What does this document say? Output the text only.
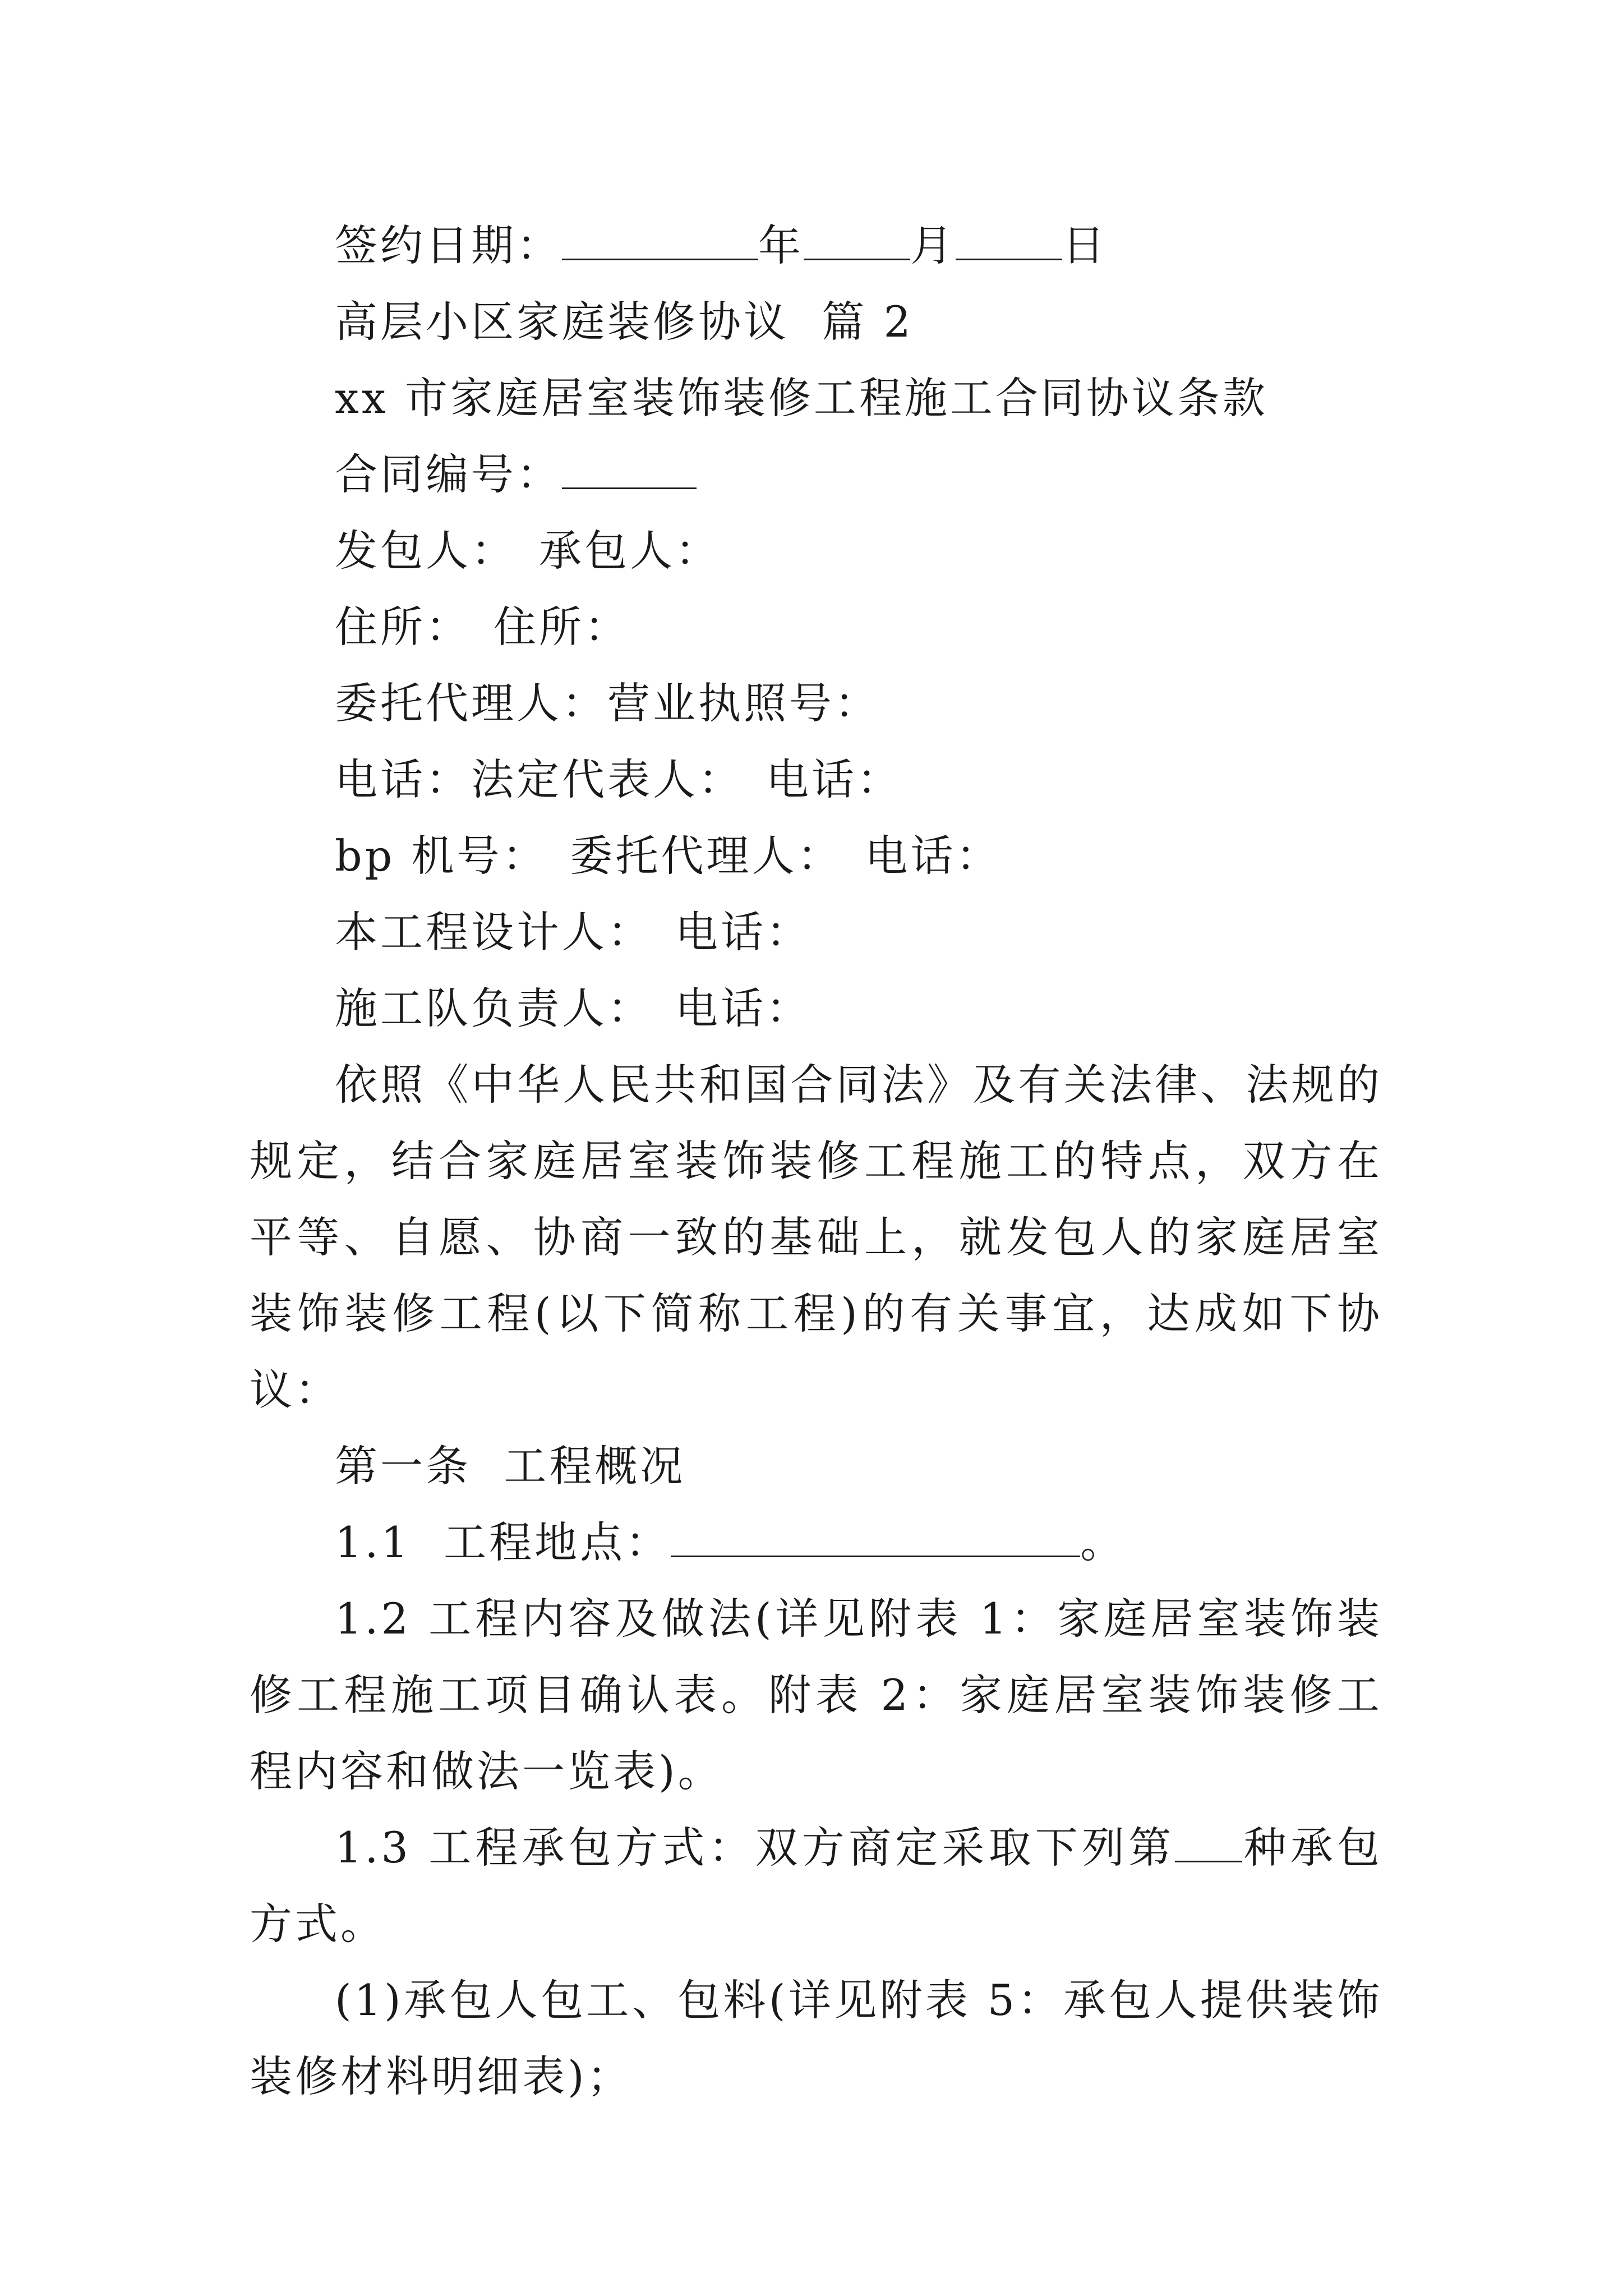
签约日期：	年	月	日

高层小区家庭装修协议  篇 2

xx 市家庭居室装饰装修工程施工合同协议条款

合同编号：

发包人： 承包人：

住所： 住所：

委托代理人：营业执照号：

电话：法定代表人： 电话：

bp 机号： 委托代理人： 电话：

本工程设计人： 电话：

施工队负责人： 电话：

依照《中华人民共和国合同法》及有关法律、法规的规定，结合家庭居室装饰装修工程施工的特点，双方在平等、自愿、协商一致的基础上，就发包人的家庭居室装饰装修工程(以下简称工程)的有关事宜，达成如下协议：

第一条  工程概况

1.1  工程地点：	。

1.2 工程内容及做法(详见附表 1：家庭居室装饰装修工程施工项目确认表。附表 2：家庭居室装饰装修工程内容和做法一览表)。

1.3 工程承包方式：双方商定采取下列第 种承包方式。

(1)承包人包工、包料(详见附表 5：承包人提供装饰装修材料明细表)；
